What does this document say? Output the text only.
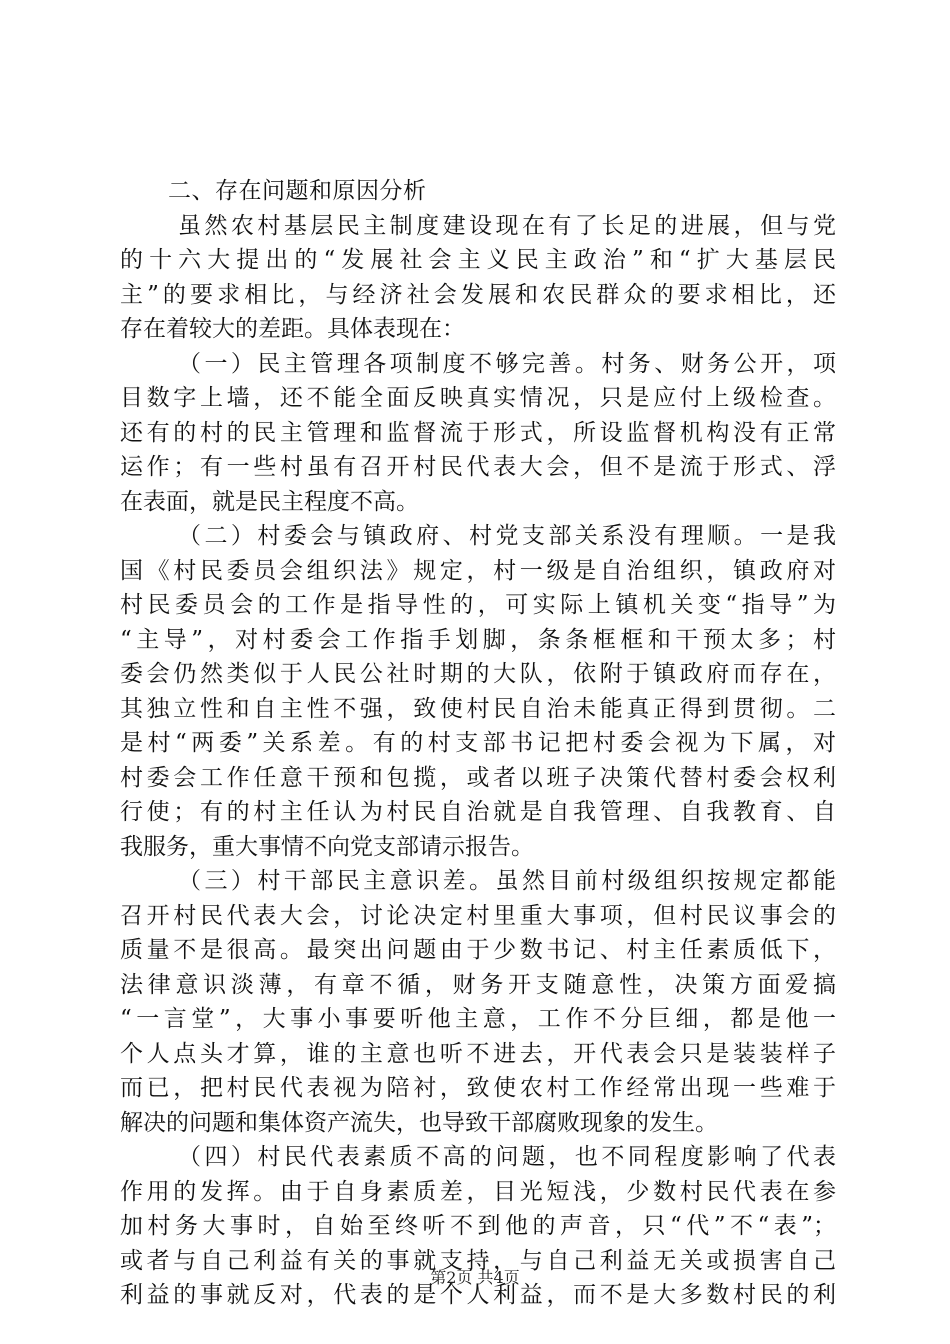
二、存在问题和原因分析

虽然农村基层民主制度建设现在有了长足的进展，但与党
的十六大提出的“发展社会主义民主政治”和“扩大基层民
主”的要求相比，与经济社会发展和农民群众的要求相比，还
存在着较大的差距。具体表现在：
（一）民主管理各项制度不够完善。村务、财务公开，项
目数字上墙，还不能全面反映真实情况，只是应付上级检查。
还有的村的民主管理和监督流于形式，所设监督机构没有正常
运作；有一些村虽有召开村民代表大会，但不是流于形式、浮
在表面，就是民主程度不高。
（二）村委会与镇政府、村党支部关系没有理顺。一是我
国《村民委员会组织法》规定，村一级是自治组织，镇政府对
村民委员会的工作是指导性的，可实际上镇机关变“指导”为
“主导”，对村委会工作指手划脚，条条框框和干预太多；村
委会仍然类似于人民公社时期的大队，依附于镇政府而存在，
其独立性和自主性不强，致使村民自治未能真正得到贯彻。二
是村“两委”关系差。有的村支部书记把村委会视为下属，对
村委会工作任意干预和包揽，或者以班子决策代替村委会权利
行使；有的村主任认为村民自治就是自我管理、自我教育、自
我服务，重大事情不向党支部请示报告。
（三）村干部民主意识差。虽然目前村级组织按规定都能
召开村民代表大会，讨论决定村里重大事项，但村民议事会的
质量不是很高。最突出问题由于少数书记、村主任素质低下，
法律意识淡薄，有章不循，财务开支随意性，决策方面爱搞
“一言堂”，大事小事要听他主意，工作不分巨细，都是他一
个人点头才算，谁的主意也听不进去，开代表会只是装装样子
而已，把村民代表视为陪衬，致使农村工作经常出现一些难于
解决的问题和集体资产流失，也导致干部腐败现象的发生。
（四）村民代表素质不高的问题，也不同程度影响了代表
作用的发挥。由于自身素质差，目光短浅，少数村民代表在参
加村务大事时，自始至终听不到他的声音，只“代”不“表”；
或者与自己利益有关的事就支持，与自己利益无关或损害自己
利益的事就反对，代表的是个人利益，而不是大多数村民的利
第2页 共4页
